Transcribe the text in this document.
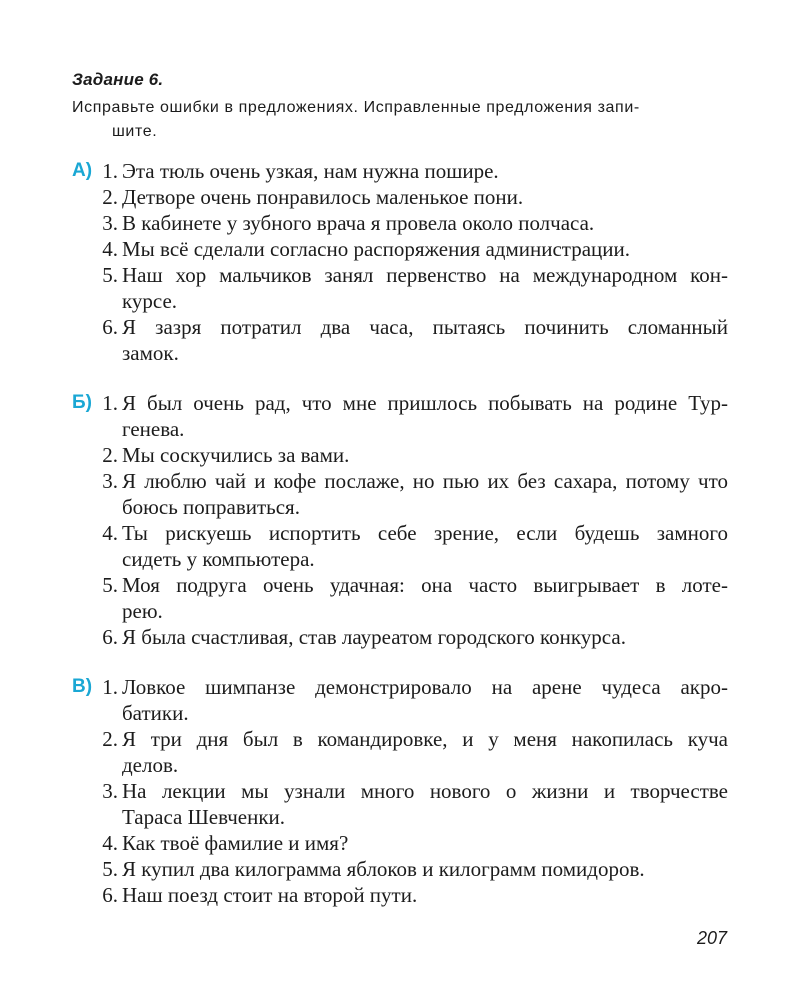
Задание 6.
Исправьте ошибки в предложениях. Исправленные предложения запи-
шите.
А) 1. Эта тюль очень узкая, нам нужна пошире.
2. Детворе очень понравилось маленькое пони.
3. В кабинете у зубного врача я провела около полчаса.
4. Мы всё сделали согласно распоряжения администрации.
5. Наш хор мальчиков занял первенство на международном кон-
курсе.
6. Я зазря потратил два часа, пытаясь починить сломанный
замок.
Б) 1. Я был очень рад, что мне пришлось побывать на родине Тур-
генева.
2. Мы соскучились за вами.
3. Я люблю чай и кофе послаже, но пью их без сахара, потому что
боюсь поправиться.
4. Ты рискуешь испортить себе зрение, если будешь замного
сидеть у компьютера.
5. Моя подруга очень удачная: она часто выигрывает в лоте-
рею.
6. Я была счастливая, став лауреатом городского конкурса.
В) 1. Ловкое шимпанзе демонстрировало на арене чудеса акро-
батики.
2. Я три дня был в командировке, и у меня накопилась куча
делов.
3. На лекции мы узнали много нового о жизни и творчестве
Тараса Шевченки.
4. Как твоё фамилие и имя?
5. Я купил два килограмма яблоков и килограмм помидоров.
6. Наш поезд стоит на второй пути.
207
